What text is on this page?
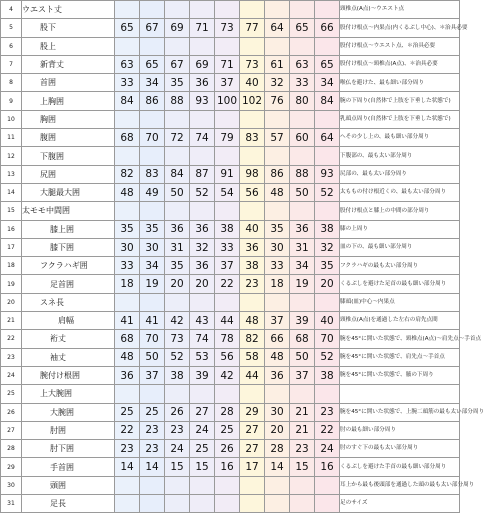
4	ウエスト丈										頸椎点(A点)～ウエスト点
5	股下	65	67	69	71	73	77	64	65	66	股付け根点～内果点(内くるぶし中心)、＊治具必要
6	股上										股付け根点～ウエスト点、＊治具必要
7	新背丈	63	65	67	69	71	73	61	63	65	股付け根点～頸椎点(A点)、＊治具必要
8	首囲	33	34	35	36	37	40	32	33	34	喉仏を避けた、最も細い部分周り
9	上胸囲	84	86	88	93	100	102	76	80	84	腕の下周り(自然体で上肢を下垂した状態で)
10	胸囲										乳頭点周り(自然体で上肢を下垂した状態で)
11	腹囲	68	70	72	74	79	83	57	60	64	へその少し上の、最も細い部分周り
12	下腹囲										下腹部の、最も太い部分周り
13	尻囲	82	83	84	87	91	98	86	88	93	尻部の、最も太い部分周り
14	大腿最大囲	48	49	50	52	54	56	48	50	52	太ももの付け根近くの、最も太い部分周り
15	太モモ中間囲										股付け根点と膝上の中間の部分周り
16	膝上囲	35	35	36	36	38	40	35	36	38	膝の上周り
17	膝下囲	30	30	31	32	33	36	30	31	32	皿の下の、最も細い部分周り
18	フクラハギ囲	33	34	35	36	37	38	33	34	35	フクラハギの最も太い部分周り
19	足首囲	18	19	20	20	22	23	18	19	20	くるぶしを避けた足首の最も細い部分周り
20	スネ長										膝頭(皿)中心～内果点
21	肩幅	41	41	42	43	44	48	37	39	40	頸椎点(A点)を通過した左右の肩先点間
22	裄丈	68	70	73	74	78	82	66	68	70	腕を45°に開いた状態で、頸椎点(A点)～肩先点～手首点
23	袖丈	48	50	52	53	56	58	48	50	52	腕を45°に開いた状態で、肩先点～手首点
24	腕付け根囲	36	37	38	39	42	44	36	37	38	腕を45°に開いた状態で、腋の下周り
25	上大腕囲										
26	大腕囲	25	25	26	27	28	29	30	21	23	腕を45°に開いた状態で、上腕二頭筋の最も太い部分周り
27	肘囲	22	23	23	24	25	27	20	21	22	肘の最も細い部分周り
28	肘下囲	23	23	24	25	26	27	28	23	24	肘のすぐ下の最も太い部分周り
29	手首囲	14	14	15	15	16	17	14	15	16	くるぶしを避けた手首の最も細い部分周り
30	頭囲										耳上から最も後頭部を通過した頭の最も太い部分周り
31	足長										足のサイズ
